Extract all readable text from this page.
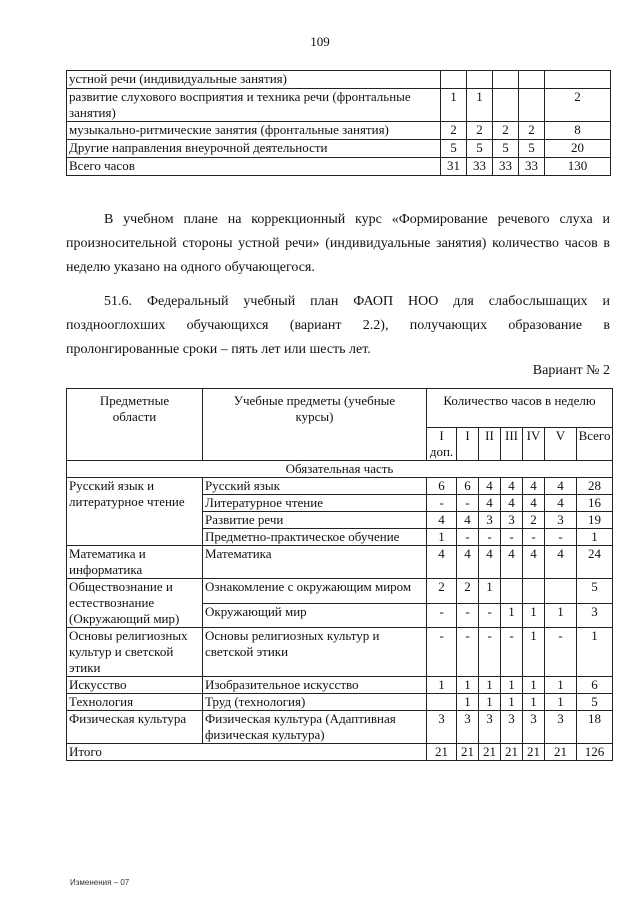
109
устной речи (индивидуальные занятия)					
развитие слухового восприятия и техника речи (фронтальные занятия)	1	1			2
музыкально-ритмические занятия (фронтальные занятия)	2	2	2	2	8
Другие направления внеурочной деятельности	5	5	5	5	20
Всего часов	31	33	33	33	130

В учебном плане на коррекционный курс «Формирование речевого слуха и произносительной стороны устной речи» (индивидуальные занятия) количество часов в неделю указано на одного обучающегося.

51.6. Федеральный учебный план ФАОП НОО для слабослышащих и позднооглохших обучающихся (вариант 2.2), получающих образование в пролонгированные сроки – пять лет или шесть лет.

Вариант № 2
Предметные области	Учебные предметы (учебные курсы)	Количество часов в неделю						
		I доп.	I	II	III	IV	V	Всего
Обязательная часть								
Русский язык и литературное чтение	Русский язык	6	6	4	4	4	4	28
	Литературное чтение	-	-	4	4	4	4	16
	Развитие речи	4	4	3	3	2	3	19
	Предметно-практическое обучение	1	-	-	-	-	-	1
Математика и информатика	Математика	4	4	4	4	4	4	24
Обществознание и естествознание (Окружающий мир)	Ознакомление с окружающим миром	2	2	1				5
	Окружающий мир	-	-	-	1	1	1	3
Основы религиозных культур и светской этики	Основы религиозных культур и светской этики	-	-	-	-	1	-	1
Искусство	Изобразительное искусство	1	1	1	1	1	1	6
Технология	Труд (технология)		1	1	1	1	1	5
Физическая культура	Физическая культура (Адаптивная физическая культура)	3	3	3	3	3	3	18
Итого		21	21	21	21	21	21	126
Изменения – 07
